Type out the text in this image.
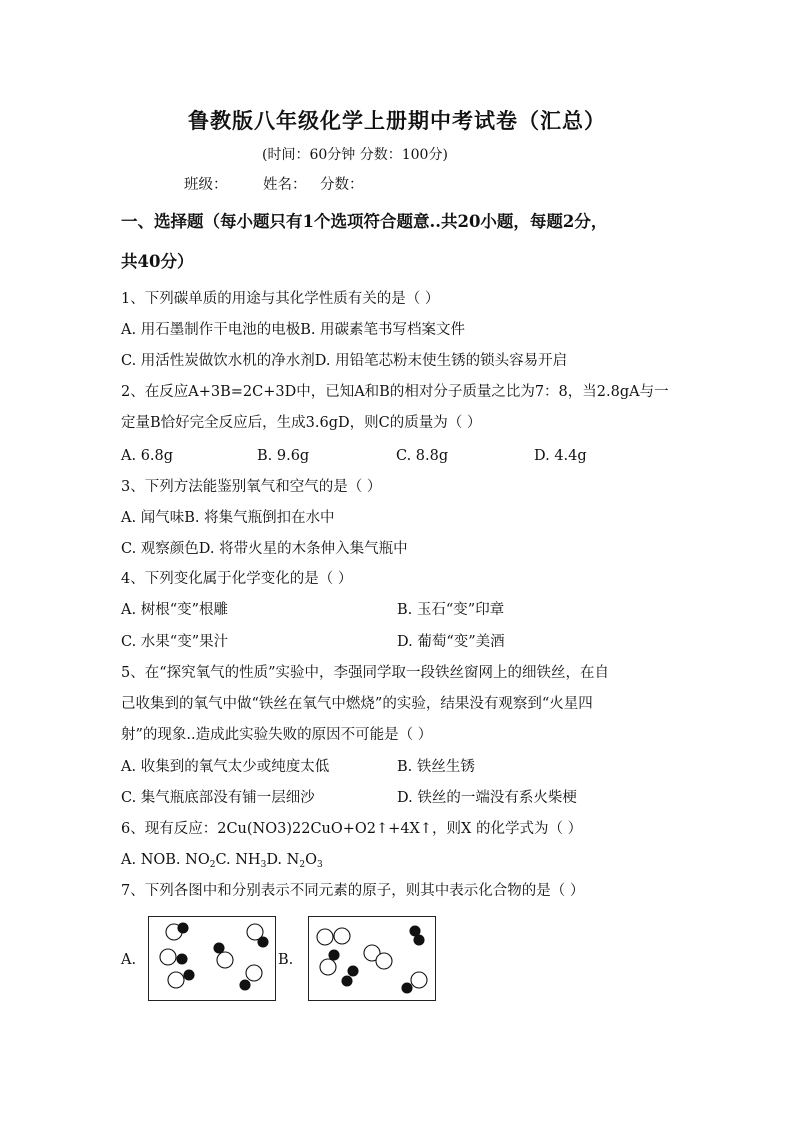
鲁教版八年级化学上册期中考试卷（汇总）
(时间：60分钟 分数：100分)
班级： 姓名： 分数：
一、选择题（每小题只有1个选项符合题意..共20小题，每题2分，
共40分）
1、下列碳单质的用途与其化学性质有关的是（ ）
A. 用石墨制作干电池的电极B. 用碳素笔书写档案文件
C. 用活性炭做饮水机的净水剂D. 用铅笔芯粉末使生锈的锁头容易开启
2、在反应A+3B=2C+3D中，已知A和B的相对分子质量之比为7：8，当2.8gA与一
定量B恰好完全反应后，生成3.6gD，则C的质量为（ ）
A. 6.8g	B. 9.6g	C. 8.8g	D. 4.4g
3、下列方法能鉴别氧气和空气的是（ ）
A. 闻气味B. 将集气瓶倒扣在水中
C. 观察颜色D. 将带火星的木条伸入集气瓶中
4、下列变化属于化学变化的是（ ）
A. 树根“变”根雕	B. 玉石“变”印章
C. 水果“变”果汁	D. 葡萄“变”美酒
5、在“探究氧气的性质”实验中，李强同学取一段铁丝窗网上的细铁丝，在自
己收集到的氧气中做“铁丝在氧气中燃烧”的实验，结果没有观察到“火星四
射”的现象..造成此实验失败的原因不可能是（ ）
A. 收集到的氧气太少或纯度太低	B. 铁丝生锈
C. 集气瓶底部没有铺一层细沙	D. 铁丝的一端没有系火柴梗
6、现有反应：2Cu(NO3)22CuO+O2↑+4X↑，则X 的化学式为（ ）
A. NOB. $NO_2C$. $NH_3D$. $N_2O_3$
7、下列各图中和分别表示不同元素的原子，则其中表示化合物的是（ ）
A.	B.
